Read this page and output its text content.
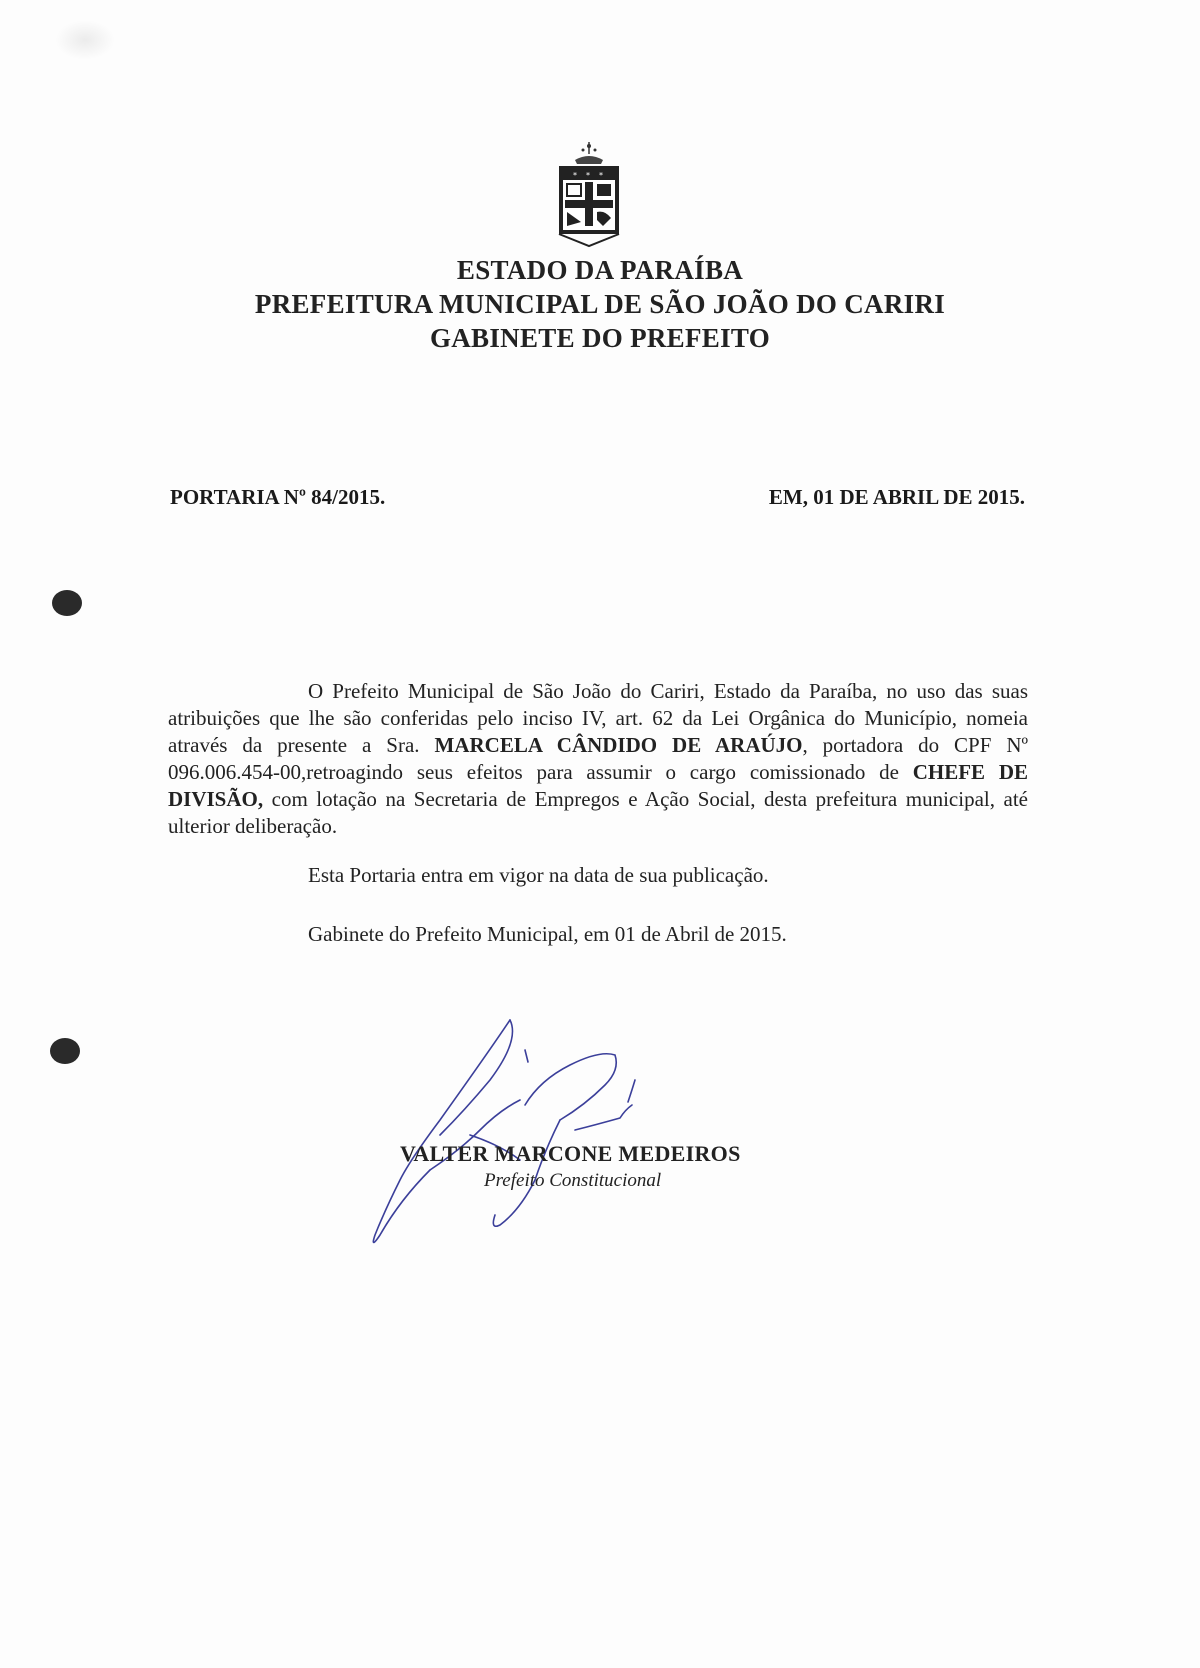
* * *
ESTADO DA PARAÍBA
PREFEITURA MUNICIPAL DE SÃO JOÃO DO CARIRI
GABINETE DO PREFEITO
PORTARIA Nº 84/2015.	EM, 01 DE ABRIL DE 2015.
O Prefeito Municipal de São João do Cariri, Estado da Paraíba, no uso das suas atribuições que lhe são conferidas pelo inciso IV, art. 62 da Lei Orgânica do Município, nomeia através da presente a Sra. MARCELA CÂNDIDO DE ARAÚJO, portadora do CPF Nº 096.006.454-00,retroagindo seus efeitos para assumir o cargo comissionado de CHEFE DE DIVISÃO, com lotação na Secretaria de Empregos e Ação Social, desta prefeitura municipal, até ulterior deliberação.
Esta Portaria entra em vigor na data de sua publicação.
Gabinete do Prefeito Municipal, em 01 de Abril de 2015.
VALTER MARCONE MEDEIROS
Prefeito Constitucional
